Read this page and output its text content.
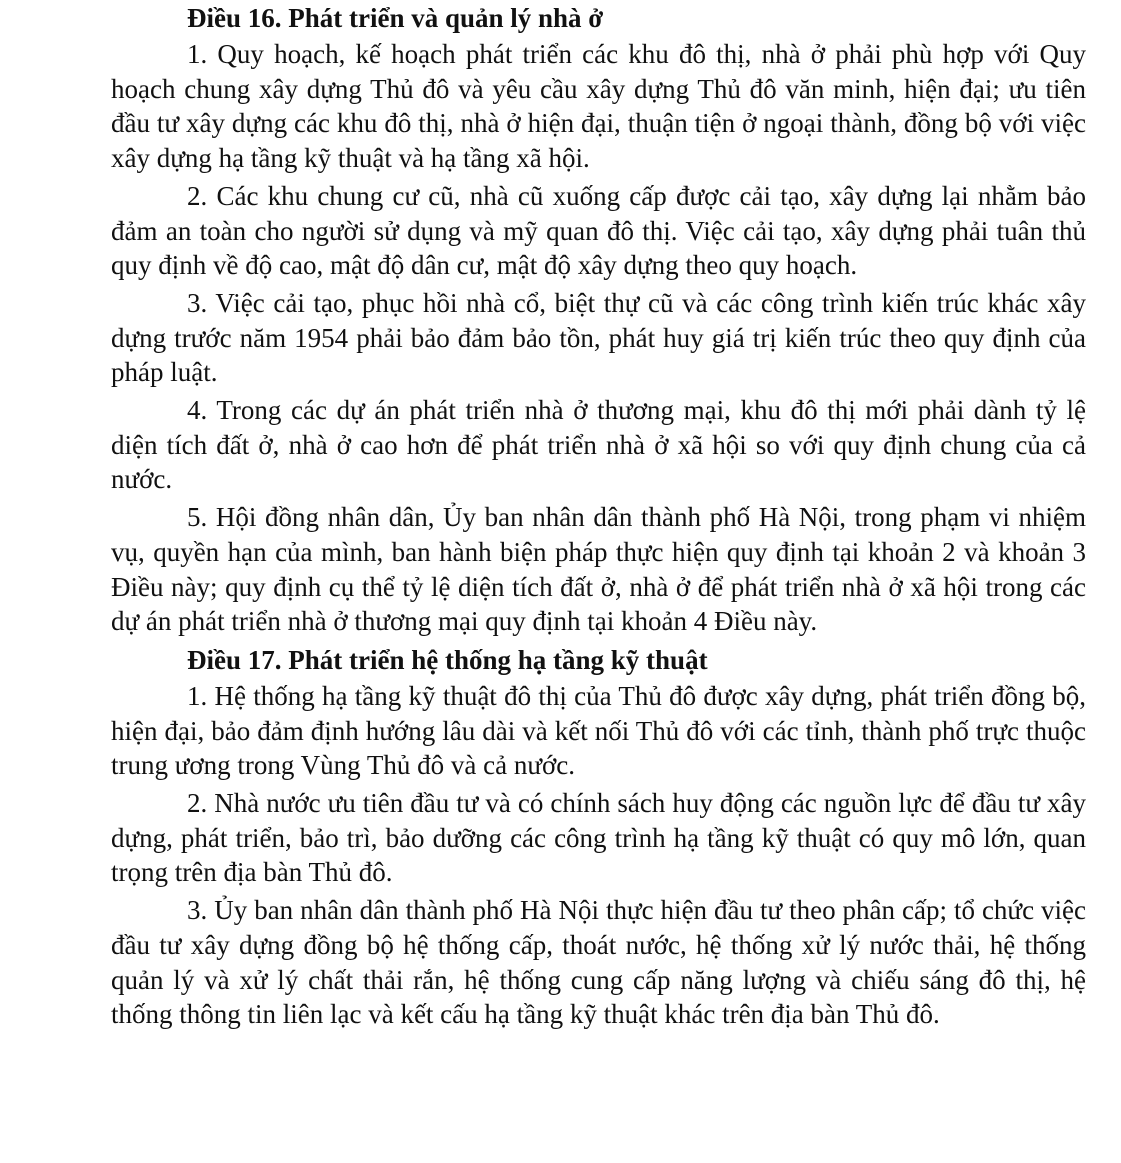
Điều 16. Phát triển và quản lý nhà ở

1. Quy hoạch, kế hoạch phát triển các khu đô thị, nhà ở phải phù hợp với Quy hoạch chung xây dựng Thủ đô và yêu cầu xây dựng Thủ đô văn minh, hiện đại; ưu tiên đầu tư xây dựng các khu đô thị, nhà ở hiện đại, thuận tiện ở ngoại thành, đồng bộ với việc xây dựng hạ tầng kỹ thuật và hạ tầng xã hội.

2. Các khu chung cư cũ, nhà cũ xuống cấp được cải tạo, xây dựng lại nhằm bảo đảm an toàn cho người sử dụng và mỹ quan đô thị. Việc cải tạo, xây dựng phải tuân thủ quy định về độ cao, mật độ dân cư, mật độ xây dựng theo quy hoạch.

3. Việc cải tạo, phục hồi nhà cổ, biệt thự cũ và các công trình kiến trúc khác xây dựng trước năm 1954 phải bảo đảm bảo tồn, phát huy giá trị kiến trúc theo quy định của pháp luật.

4. Trong các dự án phát triển nhà ở thương mại, khu đô thị mới phải dành tỷ lệ diện tích đất ở, nhà ở cao hơn để phát triển nhà ở xã hội so với quy định chung của cả nước.

5. Hội đồng nhân dân, Ủy ban nhân dân thành phố Hà Nội, trong phạm vi nhiệm vụ, quyền hạn của mình, ban hành biện pháp thực hiện quy định tại khoản 2 và khoản 3 Điều này; quy định cụ thể tỷ lệ diện tích đất ở, nhà ở để phát triển nhà ở xã hội trong các dự án phát triển nhà ở thương mại quy định tại khoản 4 Điều này.

Điều 17. Phát triển hệ thống hạ tầng kỹ thuật

1. Hệ thống hạ tầng kỹ thuật đô thị của Thủ đô được xây dựng, phát triển đồng bộ, hiện đại, bảo đảm định hướng lâu dài và kết nối Thủ đô với các tỉnh, thành phố trực thuộc trung ương trong Vùng Thủ đô và cả nước.

2. Nhà nước ưu tiên đầu tư và có chính sách huy động các nguồn lực để đầu tư xây dựng, phát triển, bảo trì, bảo dưỡng các công trình hạ tầng kỹ thuật có quy mô lớn, quan trọng trên địa bàn Thủ đô.

3. Ủy ban nhân dân thành phố Hà Nội thực hiện đầu tư theo phân cấp; tổ chức việc đầu tư xây dựng đồng bộ hệ thống cấp, thoát nước, hệ thống xử lý nước thải, hệ thống quản lý và xử lý chất thải rắn, hệ thống cung cấp năng lượng và chiếu sáng đô thị, hệ thống thông tin liên lạc và kết cấu hạ tầng kỹ thuật khác trên địa bàn Thủ đô.
